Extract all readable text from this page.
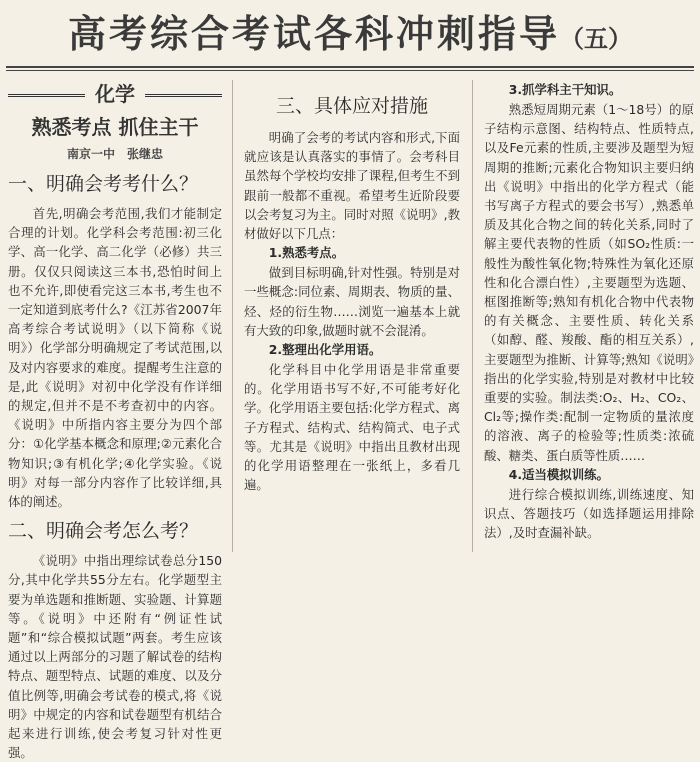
高考综合考试各科冲刺指导（五）
化学
熟悉考点 抓住主干
南京一中　张继忠
一、明确会考考什么？

首先,明确会考范围,我们才能制定合理的计划。化学科会考范围:初三化学、高一化学、高二化学（必修）共三册。仅仅只阅读这三本书,恐怕时间上也不允许,即使看完这三本书,考生也不一定知道到底考什么?《江苏省2007年高考综合考试说明》（以下简称《说明》）化学部分明确规定了考试范围,以及对内容要求的难度。提醒考生注意的是,此《说明》对初中化学没有作详细的规定,但并不是不考查初中的内容。《说明》中所指内容主要分为四个部分：①化学基本概念和原理;②元素化合物知识;③有机化学;④化学实验。《说明》对每一部分内容作了比较详细,具体的阐述。

二、明确会考怎么考？

《说明》中指出理综试卷总分150分,其中化学共55分左右。化学题型主要为单选题和推断题、实验题、计算题等。《说明》中还附有“例证性试题”和“综合模拟试题”两套。考生应该通过以上两部分的习题了解试卷的结构特点、题型特点、试题的难度、以及分值比例等,明确会考试卷的模式,将《说明》中规定的内容和试卷题型有机结合起来进行训练,使会考复习针对性更强。

三、具体应对措施

明确了会考的考试内容和形式,下面就应该是认真落实的事情了。会考科目虽然每个学校均安排了课程,但考生不到跟前一般都不重视。希望考生近阶段要以会考复习为主。同时对照《说明》,教材做好以下几点：

1.熟悉考点。

做到目标明确,针对性强。特别是对一些概念:同位素、周期表、物质的量、烃、烃的衍生物……浏览一遍基本上就有大致的印象,做题时就不会混淆。

2.整理出化学用语。

化学科目中化学用语是非常重要的。化学用语书写不好,不可能考好化学。化学用语主要包括:化学方程式、离子方程式、结构式、结构简式、电子式等。尤其是《说明》中指出且教材出现的化学用语整理在一张纸上，多看几遍。

3.抓学科主干知识。

熟悉短周期元素（1～18号）的原子结构示意图、结构特点、性质特点,以及Fe元素的性质,主要涉及题型为短周期的推断;元素化合物知识主要归纳出《说明》中指出的化学方程式（能书写离子方程式的要会书写）,熟悉单质及其化合物之间的转化关系,同时了解主要代表物的性质（如SO₂性质:一般性为酸性氧化物;特殊性为氧化还原性和化合漂白性）,主要题型为选题、框图推断等;熟知有机化合物中代表物的有关概念、主要性质、转化关系（如醇、醛、羧酸、酯的相互关系）,主要题型为推断、计算等;熟知《说明》指出的化学实验,特别是对教材中比较重要的实验。制法类:O₂、H₂、CO₂、Cl₂等;操作类:配制一定物质的量浓度的溶液、离子的检验等;性质类:浓硫酸、糖类、蛋白质等性质……

4.适当模拟训练。

进行综合模拟训练,训练速度、知识点、答题技巧（如选择题运用排除法）,及时查漏补缺。
